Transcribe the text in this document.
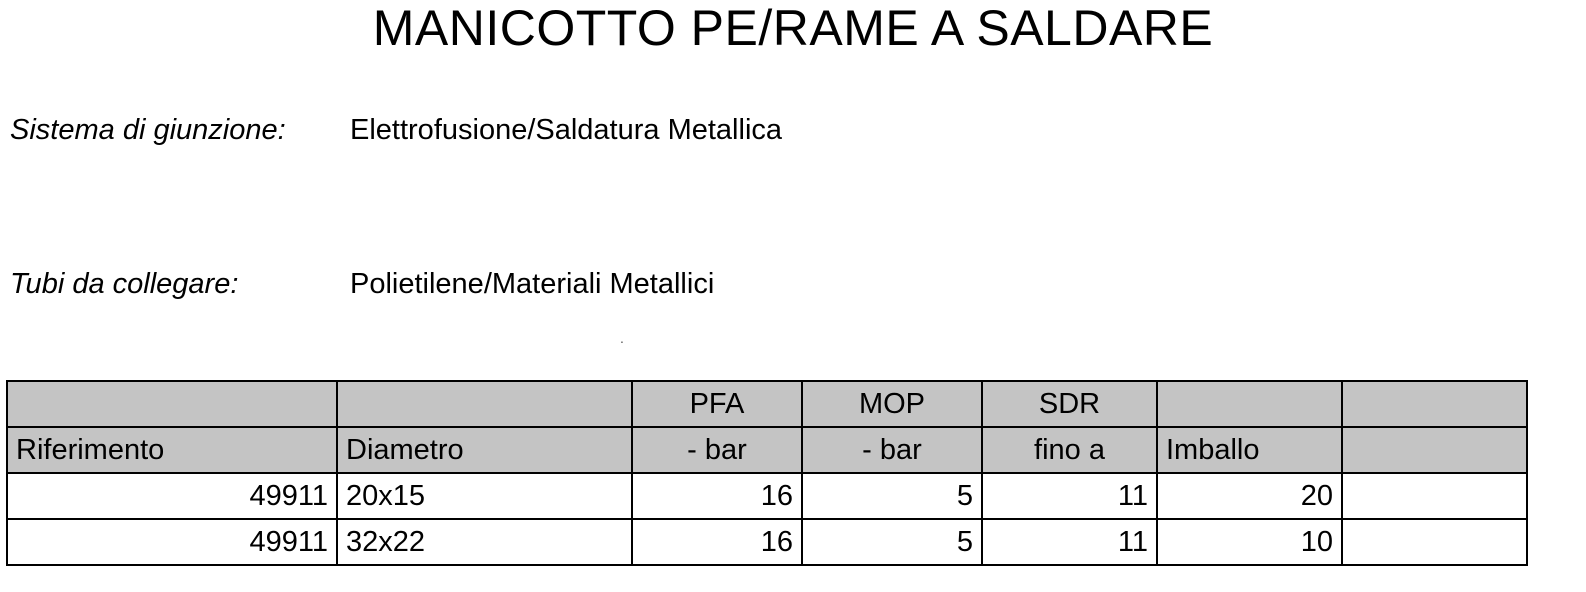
MANICOTTO PE/RAME A SALDARE
Sistema di giunzione:	Elettrofusione/Saldatura Metallica
Tubi da collegare:	Polietilene/Materiali Metallici
.
		PFA	MOP	SDR		
Riferimento	Diametro	- bar	- bar	fino a	Imballo	
49911	20x15	16	5	11	20	
49911	32x22	16	5	11	10	
